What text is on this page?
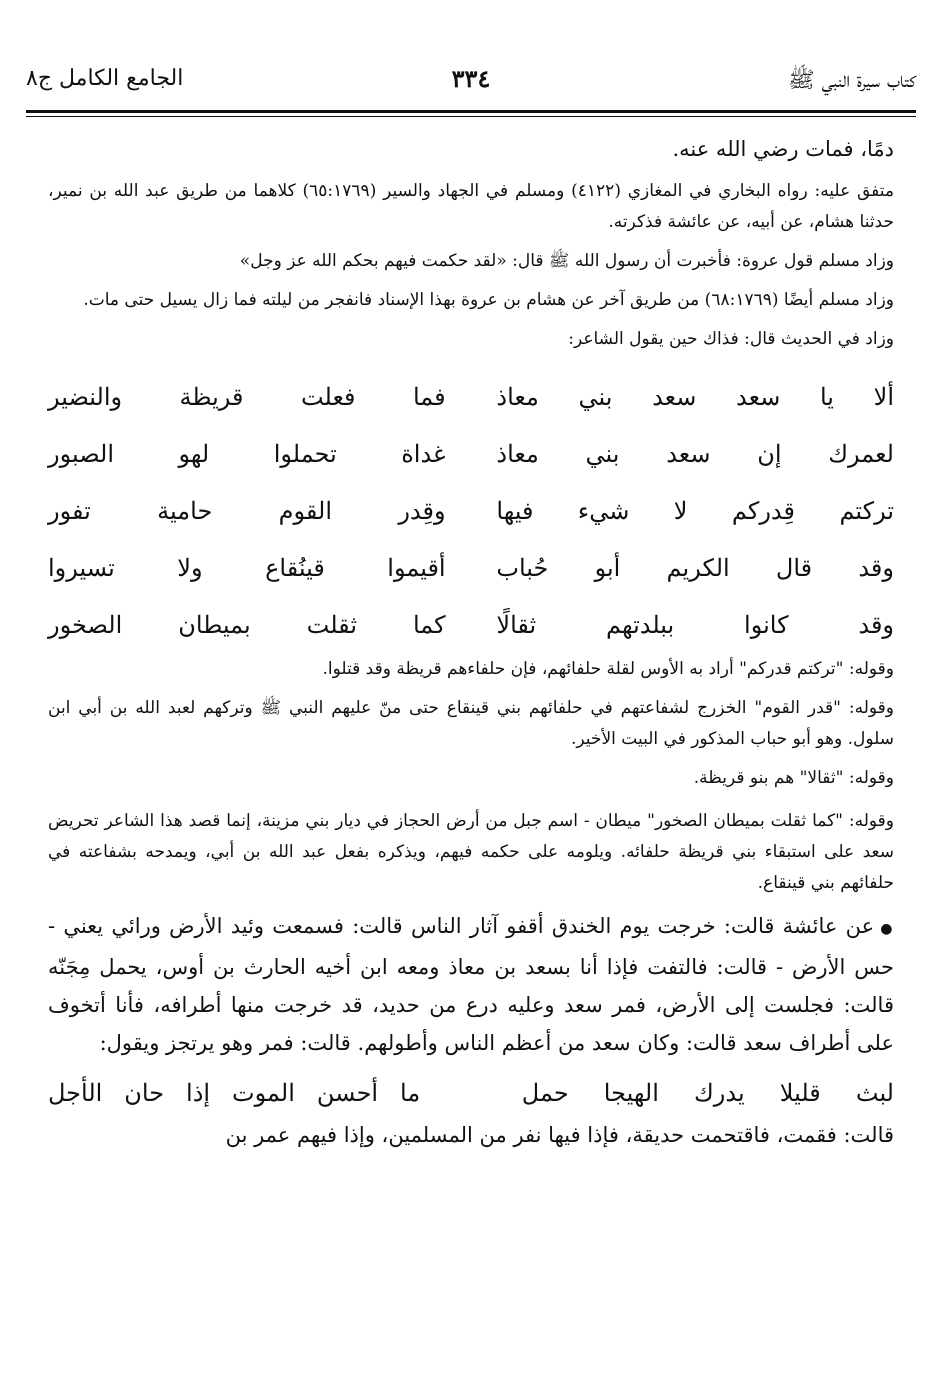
كتاب سيرة النبي ﷺ
٣٣٤
الجامع الكامل ج٨

دمًا، فمات رضي الله عنه.

متفق عليه: رواه البخاري في المغازي (٤١٢٢) ومسلم في الجهاد والسير (٦٥:١٧٦٩) كلاهما من طريق عبد الله بن نمير، حدثنا هشام، عن أبيه، عن عائشة فذكرته.

وزاد مسلم قول عروة: فأخبرت أن رسول الله ﷺ قال: «لقد حكمت فيهم بحكم الله عز وجل»

وزاد مسلم أيضًا (٦٨:١٧٦٩) من طريق آخر عن هشام بن عروة بهذا الإسناد فانفجر من ليلته فما زال يسيل حتى مات.

وزاد في الحديث قال: فذاك حين يقول الشاعر:

ألا يا سعد سعد بني معاذ
فما فعلت قريظة والنضير
لعمرك إن سعد بني معاذ
غداة تحملوا لهو الصبور
تركتم قِدركم لا شيء فيها
وقِدر القوم حامية تفور
وقد قال الكريم أبو حُباب
أقيموا قينُقاع ولا تسيروا
وقد كانوا ببلدتهم ثقالًا
كما ثقلت بميطان الصخور

وقوله: "تركتم قدركم" أراد به الأوس لقلة حلفائهم، فإن حلفاءهم قريظة وقد قتلوا.

وقوله: "قدر القوم" الخزرج لشفاعتهم في حلفائهم بني قينقاع حتى منّ عليهم النبي ﷺ وتركهم لعبد الله بن أبي ابن سلول. وهو أبو حباب المذكور في البيت الأخير.

وقوله: "ثقالا" هم بنو قريظة.

وقوله: "كما ثقلت بميطان الصخور" ميطان - اسم جبل من أرض الحجاز في ديار بني مزينة، إنما قصد هذا الشاعر تحريض سعد على استبقاء بني قريظة حلفائه. ويلومه على حكمه فيهم، ويذكره بفعل عبد الله بن أبي، ويمدحه بشفاعته في حلفائهم بني قينقاع.

●عن عائشة قالت: خرجت يوم الخندق أقفو آثار الناس قالت: فسمعت وئيد الأرض ورائي يعني - حس الأرض - قالت: فالتفت فإذا أنا بسعد بن معاذ ومعه ابن أخيه الحارث بن أوس، يحمل مِجَنّه قالت: فجلست إلى الأرض، فمر سعد وعليه درع من حديد، قد خرجت منها أطرافه، فأنا أتخوف على أطراف سعد قالت: وكان سعد من أعظم الناس وأطولهم. قالت: فمر وهو يرتجز ويقول:

لبث قليلا يدرك الهيجا حمل
ما أحسن الموت إذا حان الأجل

قالت: فقمت، فاقتحمت حديقة، فإذا فيها نفر من المسلمين، وإذا فيهم عمر بن
